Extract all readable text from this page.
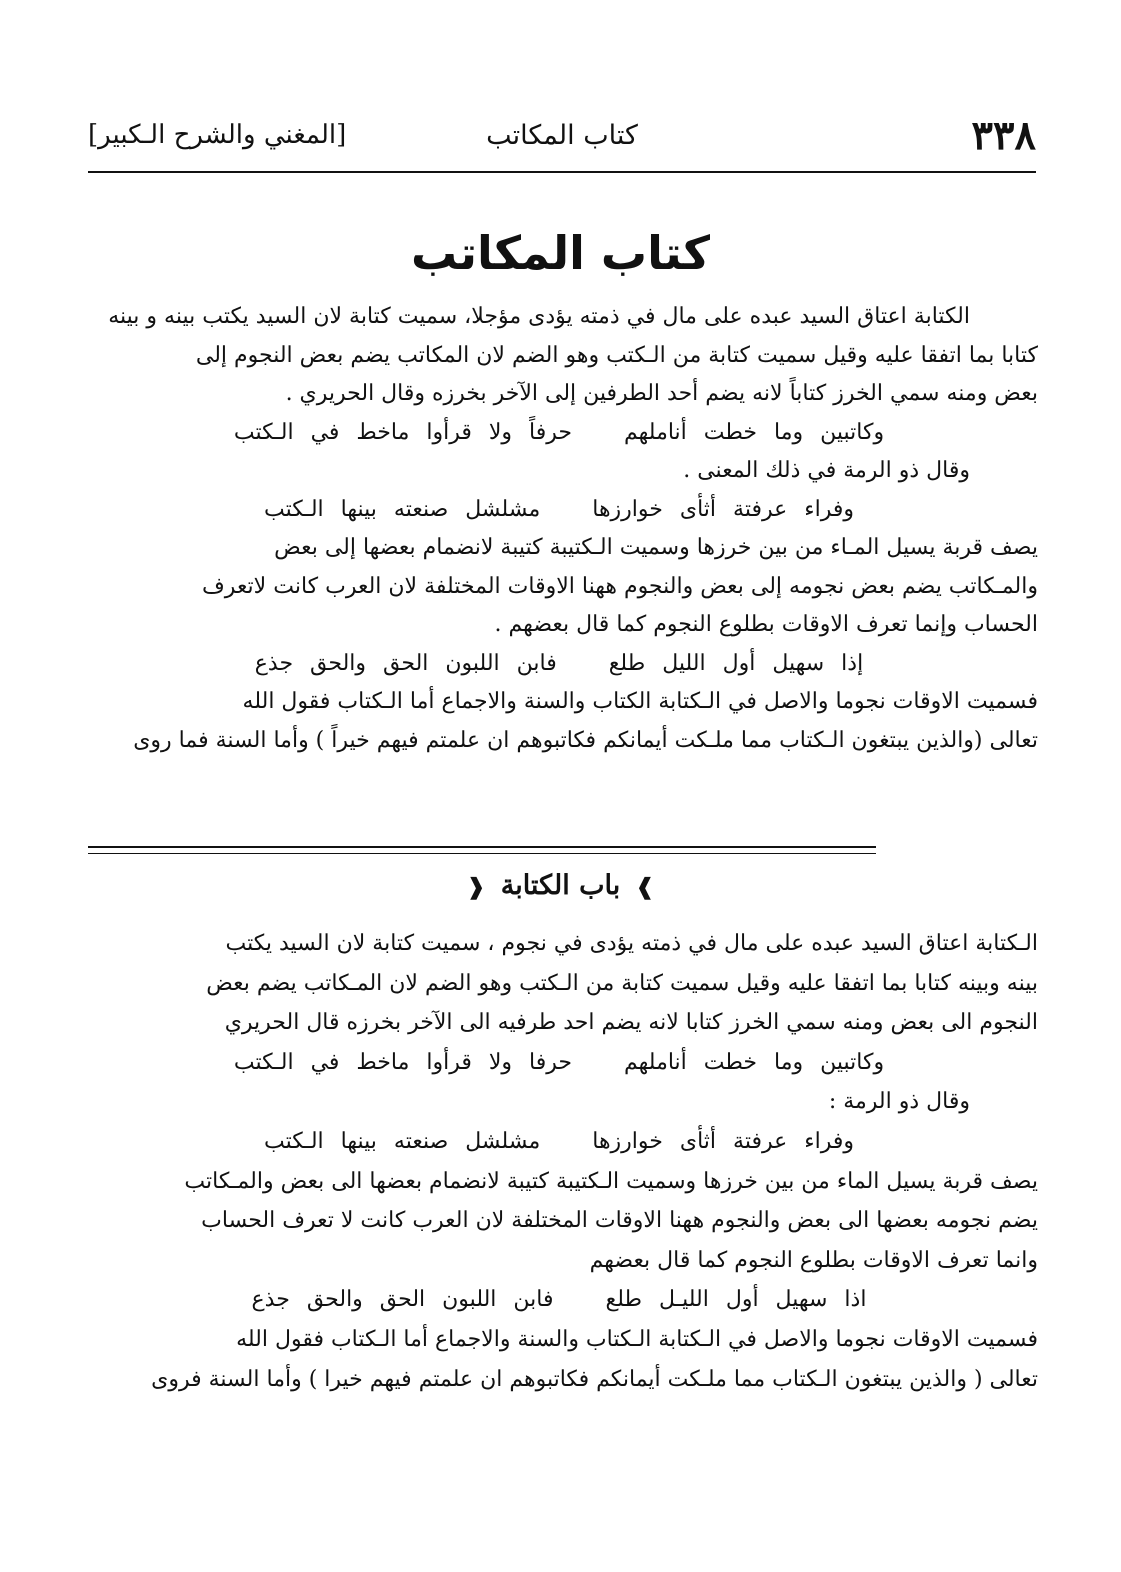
٣٣٨
كتاب المكاتب
[المغني والشرح الـكبير]
كتاب المكاتب
الكتابة اعتاق السيد عبده على مال في ذمته يؤدى مؤجلا، سميت كتابة لان السيد يكتب بينه و بينه
كتابا بما اتفقا عليه وقيل سميت كتابة من الـكتب وهو الضم لان المكاتب يضم بعض النجوم إلى
بعض ومنه سمي الخرز كتاباً لانه يضم أحد الطرفين إلى الآخر بخرزه وقال الحريري .
وكاتبين وما خطت أناملهمحرفاً ولا قرأوا ماخط في الـكتب
وقال ذو الرمة في ذلك المعنى .
وفراء عرفتة أثأى خوارزهامشلشل صنعته بينها الـكتب
يصف قربة يسيل المـاء من بين خرزها وسميت الـكتيبة كتيبة لانضمام بعضها إلى بعض
والمـكاتب يضم بعض نجومه إلى بعض والنجوم ههنا الاوقات المختلفة لان العرب كانت لاتعرف
الحساب وإنما تعرف الاوقات بطلوع النجوم كما قال بعضهم .
إذا سهيل أول الليل طلعفابن اللبون الحق والحق جذع
فسميت الاوقات نجوما والاصل في الـكتابة الكتاب والسنة والاجماع أما الـكتاب فقول الله
تعالى (والذين يبتغون الـكتاب مما ملـكت أيمانكم فكاتبوهم ان علمتم فيهم خيراً ) وأما السنة فما روى
❱ باب الكتابة ❰
الـكتابة اعتاق السيد عبده على مال في ذمته يؤدى في نجوم ، سميت كتابة لان السيد يكتب
بينه وبينه كتابا بما اتفقا عليه وقيل سميت كتابة من الـكتب وهو الضم لان المـكاتب يضم بعض
النجوم الى بعض ومنه سمي الخرز كتابا لانه يضم احد طرفيه الى الآخر بخرزه قال الحريري
وكاتبين وما خطت أناملهمحرفا ولا قرأوا ماخط في الـكتب
وقال ذو الرمة :
وفراء عرفتة أثأى خوارزهامشلشل صنعته بينها الـكتب
يصف قربة يسيل الماء من بين خرزها وسميت الـكتيبة كتيبة لانضمام بعضها الى بعض والمـكاتب
يضم نجومه بعضها الى بعض والنجوم ههنا الاوقات المختلفة لان العرب كانت لا تعرف الحساب
وانما تعرف الاوقات بطلوع النجوم كما قال بعضهم
اذا سهيل أول الليـل طلعفابن اللبون الحق والحق جذع
فسميت الاوقات نجوما والاصل في الـكتابة الـكتاب والسنة والاجماع أما الـكتاب فقول الله
تعالى ( والذين يبتغون الـكتاب مما ملـكت أيمانكم فكاتبوهم ان علمتم فيهم خيرا ) وأما السنة فروى
